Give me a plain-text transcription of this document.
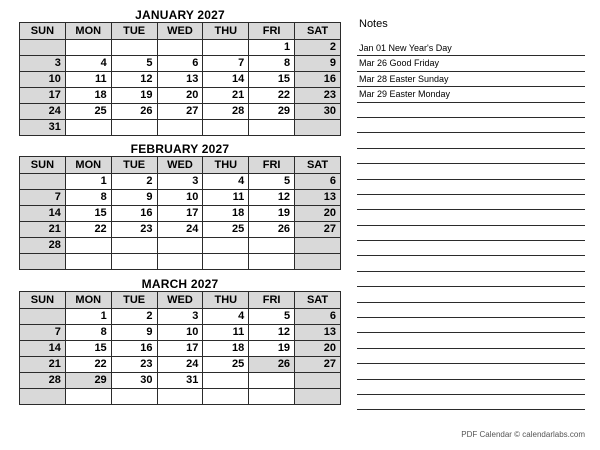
JANUARY 2027
SUN	MON	TUE	WED	THU	FRI	SAT
					1	2
3	4	5	6	7	8	9
10	11	12	13	14	15	16
17	18	19	20	21	22	23
24	25	26	27	28	29	30
31						
FEBRUARY 2027
SUN	MON	TUE	WED	THU	FRI	SAT
	1	2	3	4	5	6
7	8	9	10	11	12	13
14	15	16	17	18	19	20
21	22	23	24	25	26	27
28						

MARCH 2027
SUN	MON	TUE	WED	THU	FRI	SAT
	1	2	3	4	5	6
7	8	9	10	11	12	13
14	15	16	17	18	19	20
21	22	23	24	25	26	27
28	29	30	31			

Notes
Jan 01 New Year's Day
Mar 26 Good Friday
Mar 28 Easter Sunday
Mar 29 Easter Monday
PDF Calendar © calendarlabs.com
